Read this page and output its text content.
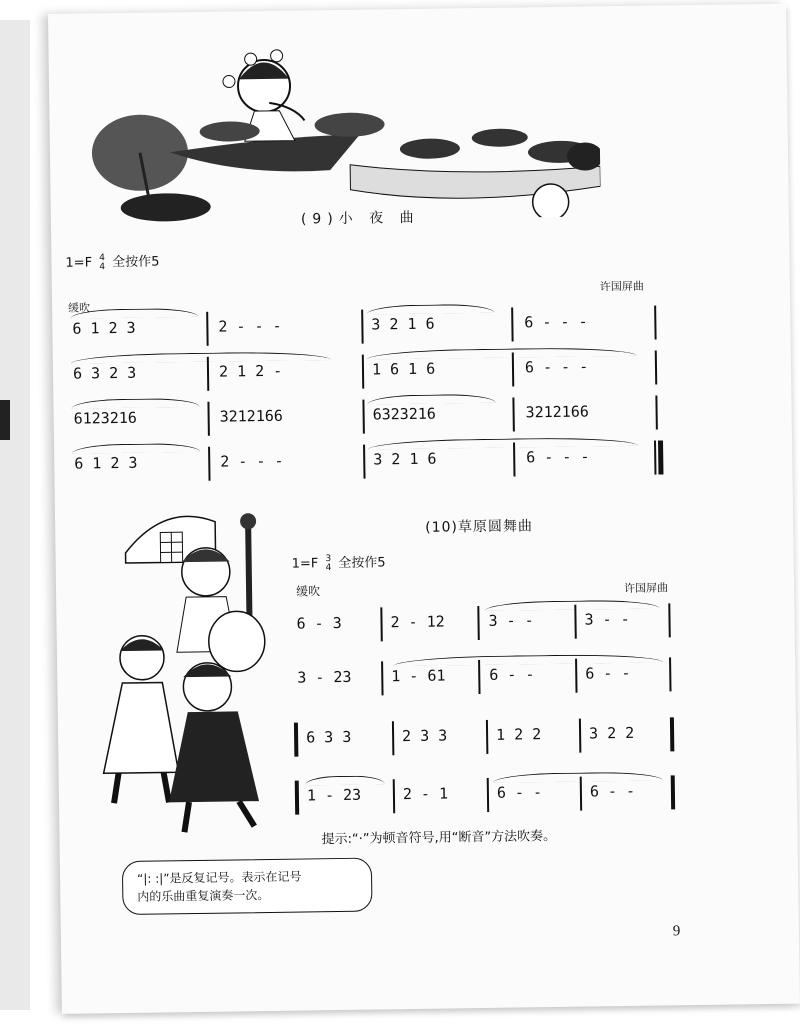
(9)小 夜 曲
1=F 4
4 全按作5
缓吹
许国屏曲
6 1 2 3	2 - - -	3 2 1 6	6 - - -
6 3 2 3	2 1 2 -	1 6 1 6	6 - - -
6123216	3212166	6323216	3212166
6 1 2 3	2 - - -	3 2 1 6	6 - - -
(10)草原圆舞曲
1=F 3
4 全按作5
缓吹	许国屏曲
6 - 3	2 - 12	3 - -	3 - -
3 - 23	1 - 61	6 - -	6 - -
6 3 3	2 3 3	1 2 2	3 2 2
1 - 23	2 - 1	6 - -	6 - -
提示:“·”为顿音符号,用“断音”方法吹奏。
“|: :|”是反复记号。表示在记号
内的乐曲重复演奏一次。
9
